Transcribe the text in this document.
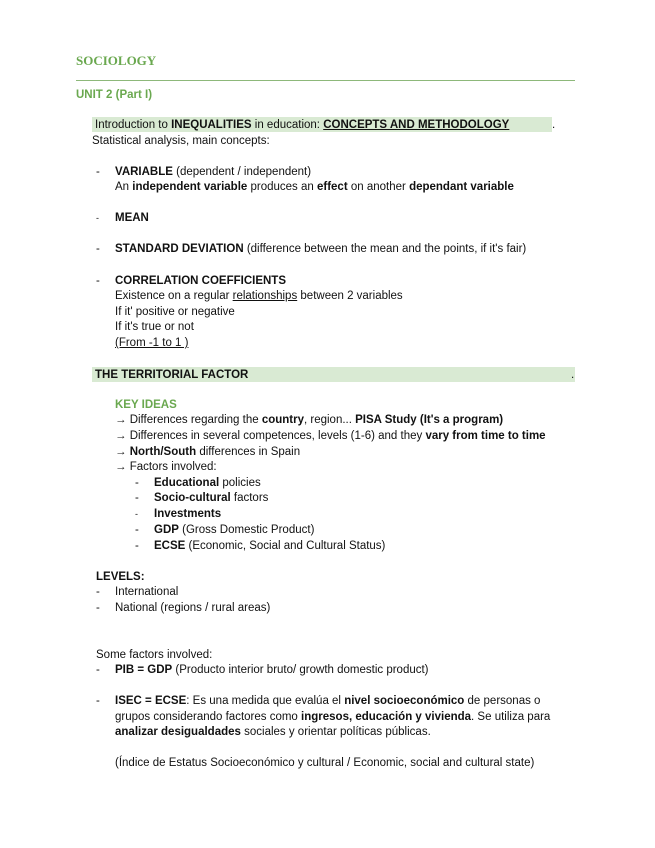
SOCIOLOGY
UNIT 2 (Part I)
Introduction to INEQUALITIES in education: CONCEPTS AND METHODOLOGY	.
Statistical analysis, main concepts:
- VARIABLE (dependent / independent)
An independent variable produces an effect on another dependant variable
- MEAN
- STANDARD DEVIATION (difference between the mean and the points, if it's fair)
- CORRELATION COEFFICIENTS
Existence on a regular relationships between 2 variables
If it' positive or negative
If it's true or not
(From -1 to 1 )
THE TERRITORIAL FACTOR	.
KEY IDEAS
→ Differences regarding the country, region... PISA Study (It's a program)
→ Differences in several competences, levels (1-6) and they vary from time to time
→ North/South differences in Spain
→ Factors involved:
- Educational policies
- Socio-cultural factors
- Investments
- GDP (Gross Domestic Product)
- ECSE (Economic, Social and Cultural Status)
LEVELS:
- International
- National (regions / rural areas)
Some factors involved:
- PIB = GDP (Producto interior bruto/ growth domestic product)
- ISEC = ECSE: Es una medida que evalúa el nivel socioeconómico de personas o
grupos considerando factores como ingresos, educación y vivienda. Se utiliza para
analizar desigualdades sociales y orientar políticas públicas.
(Índice de Estatus Socioeconómico y cultural / Economic, social and cultural state)
